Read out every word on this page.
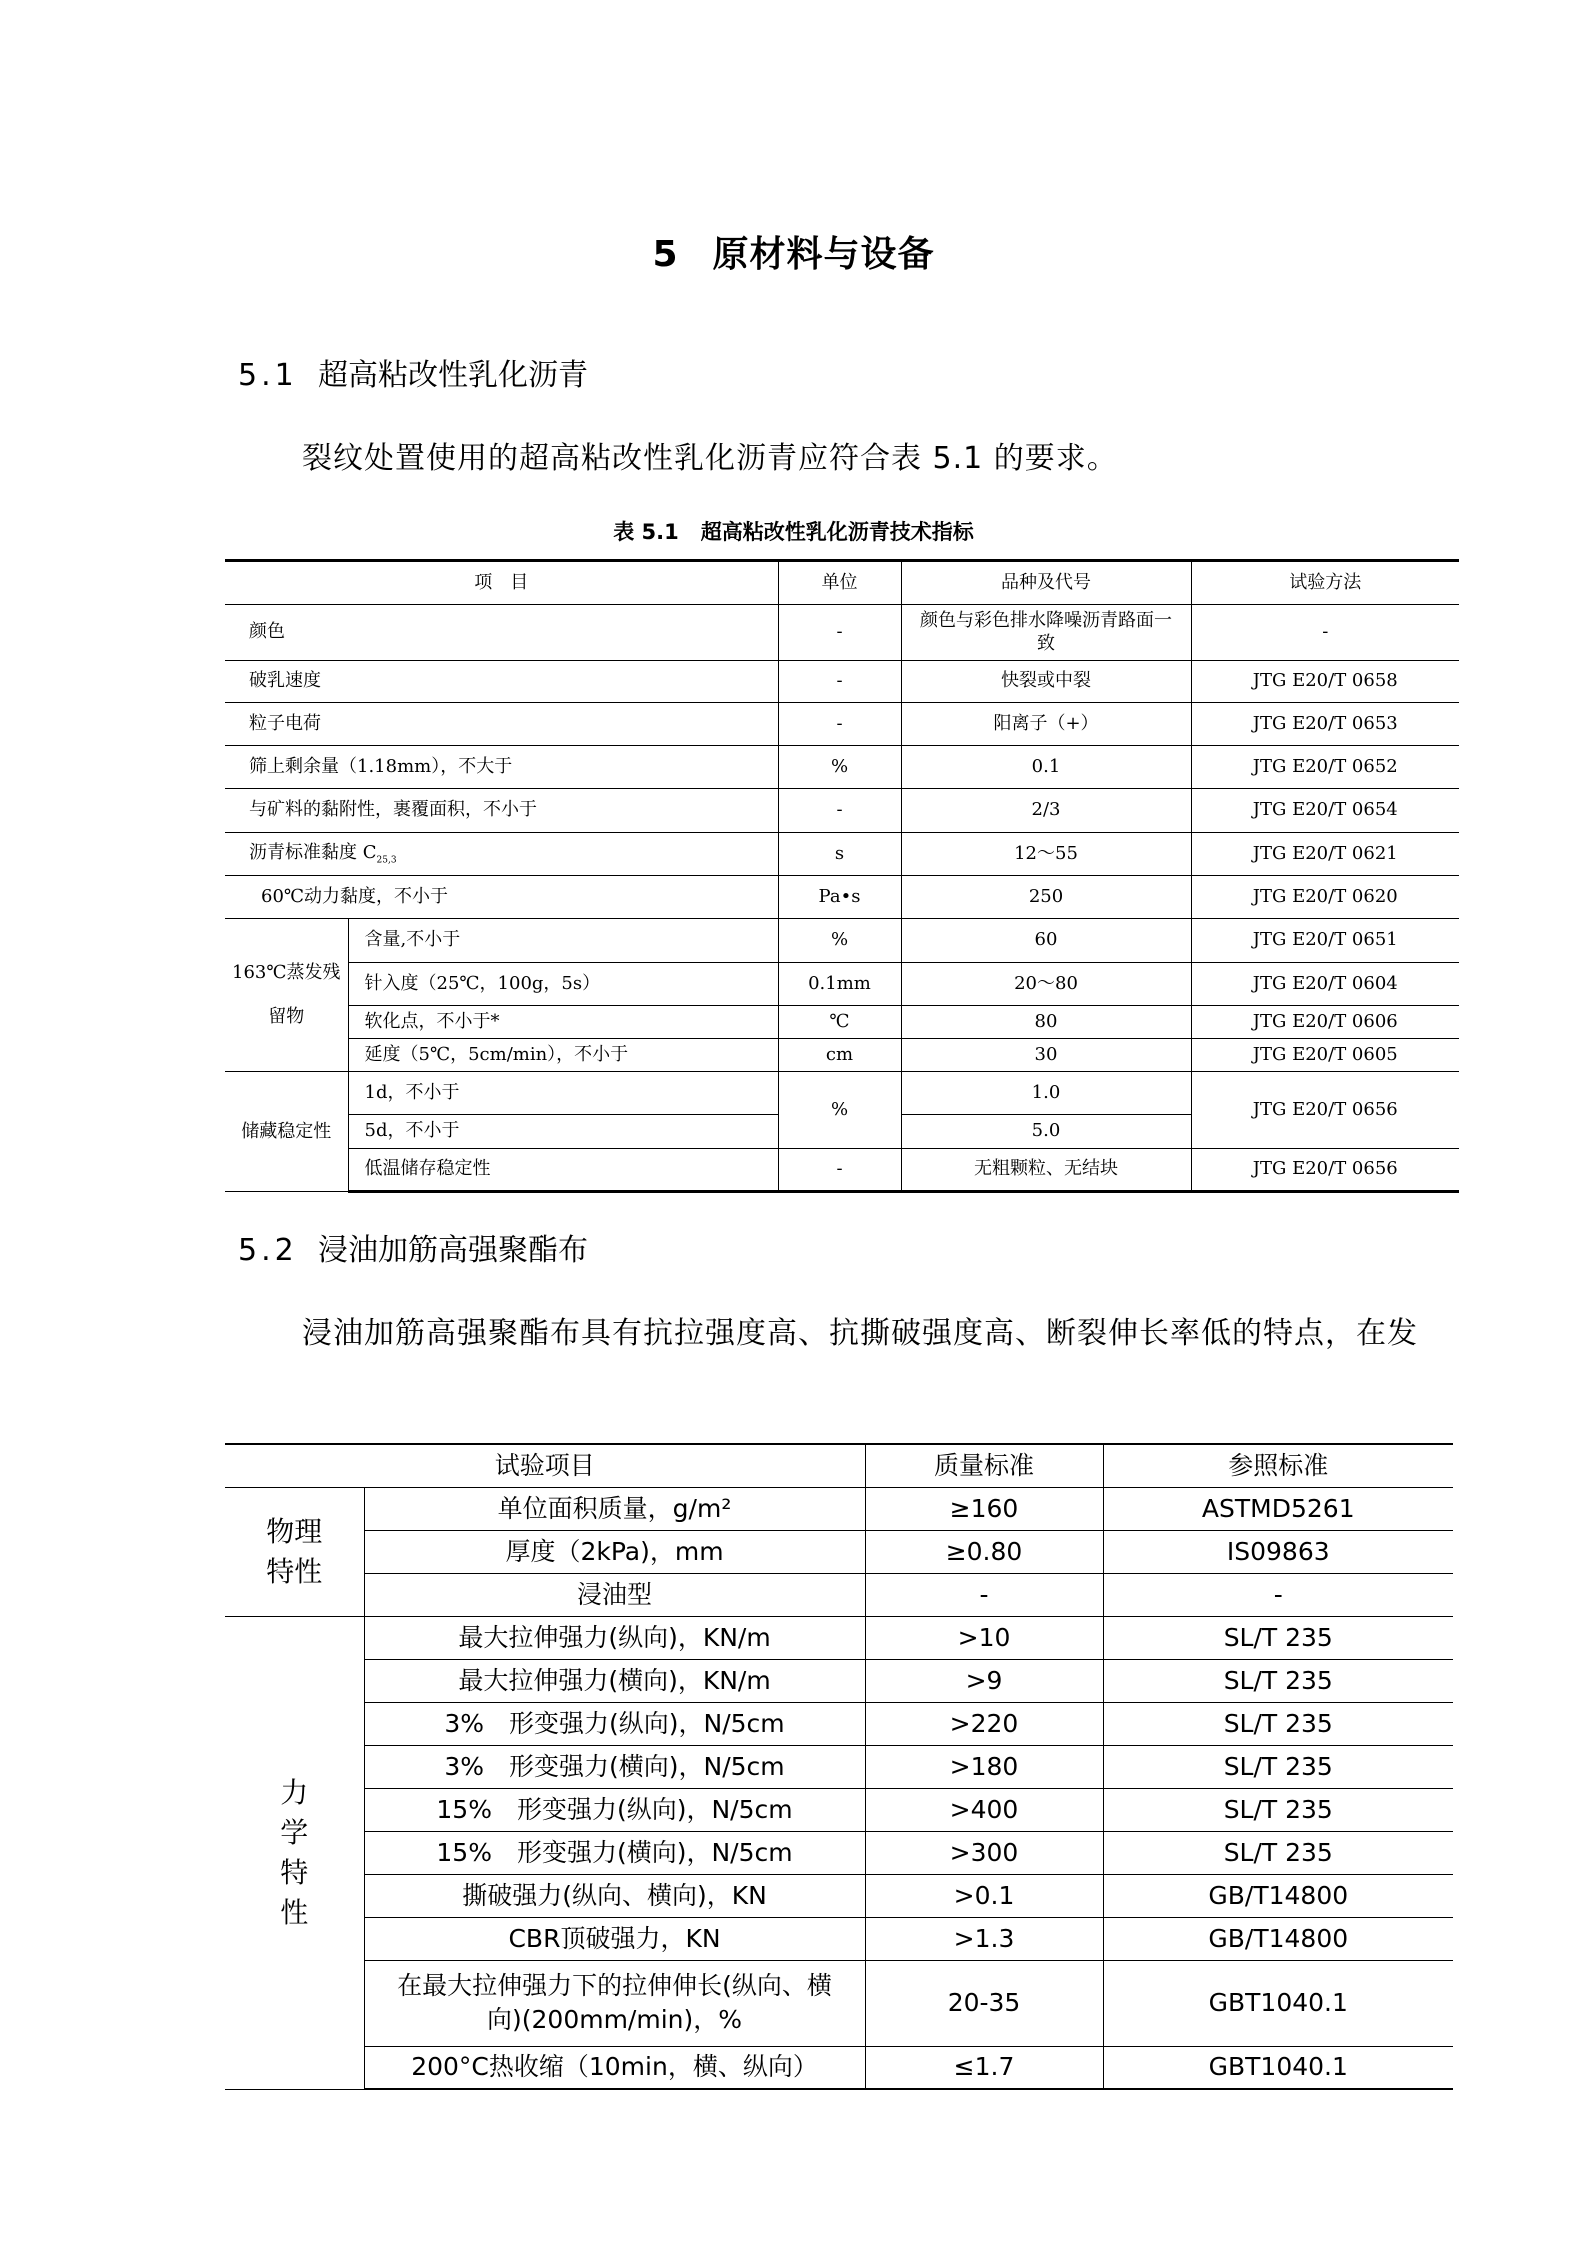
5 原材料与设备
5.1 超高粘改性乳化沥青

裂纹处置使用的超高粘改性乳化沥青应符合表 5.1 的要求。

表 5.1 超高粘改性乳化沥青技术指标

项　目		单位	品种及代号	试验方法
颜色		-	颜色与彩色排水降噪沥青路面一致	-
破乳速度		-	快裂或中裂	JTG E20/T 0658
粒子电荷		-	阳离子（+）	JTG E20/T 0653
筛上剩余量（1.18mm），不大于		%	0.1	JTG E20/T 0652
与矿料的黏附性，裹覆面积，不小于		-	2/3	JTG E20/T 0654
沥青标准黏度 $C_{25,3}$		s	12～55	JTG E20/T 0621
60℃动力黏度，不小于		Pa•s	250	JTG E20/T 0620
163℃蒸发残留物	含量,不小于	%	60	JTG E20/T 0651
	针入度（25℃，100g，5s）	0.1mm	20～80	JTG E20/T 0604
	软化点，不小于*	℃	80	JTG E20/T 0606
	延度（5℃，5cm/min），不小于	cm	30	JTG E20/T 0605
储藏稳定性	1d，不小于	%	1.0	JTG E20/T 0656
	5d，不小于		5.0	
	低温储存稳定性	-	无粗颗粒、无结块	JTG E20/T 0656
5.2 浸油加筋高强聚酯布

浸油加筋高强聚酯布具有抗拉强度高、抗撕破强度高、断裂伸长率低的特点，在发

试验项目		质量标准	参照标准
物理特性	单位面积质量，g/m²	≥160	ASTMD5261
	厚度（2kPa)，mm	≥0.80	IS09863
	浸油型	-	-
力学特性	最大拉伸强力(纵向)，KN/m	>10	SL/T 235
	最大拉伸强力(横向)，KN/m	>9	SL/T 235
	3%　形变强力(纵向)，N/5cm	>220	SL/T 235
	3%　形变强力(横向)，N/5cm	>180	SL/T 235
	15%　形变强力(纵向)，N/5cm	>400	SL/T 235
	15%　形变强力(横向)，N/5cm	>300	SL/T 235
	撕破强力(纵向、横向)，KN	>0.1	GB/T14800
	CBR顶破强力，KN	>1.3	GB/T14800
	在最大拉伸强力下的拉伸伸长(纵向、横 向)(200mm/min)，%	20-35	GBT1040.1
	200°C热收缩（10min，横、纵向）	≤1.7	GBT1040.1
